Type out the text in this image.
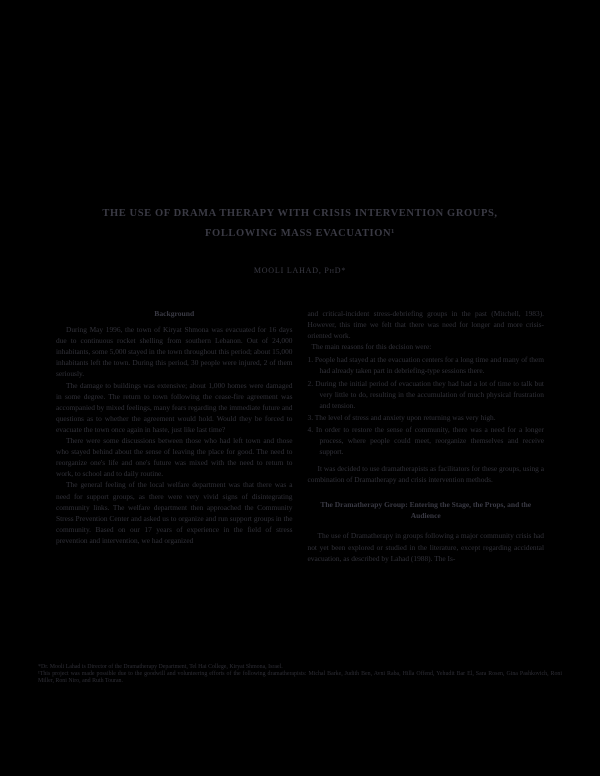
THE USE OF DRAMA THERAPY WITH CRISIS INTERVENTION GROUPS,
FOLLOWING MASS EVACUATION¹
MOOLI LAHAD, PhD*
Background

During May 1996, the town of Kiryat Shmona was evacuated for 16 days due to continuous rocket shelling from southern Lebanon. Out of 24,000 inhabitants, some 5,000 stayed in the town throughout this period; about 15,000 inhabitants left the town. During this period, 30 people were injured, 2 of them seriously.

The damage to buildings was extensive; about 1,000 homes were damaged in some degree. The return to town following the cease-fire agreement was accompanied by mixed feelings, many fears regarding the immediate future and questions as to whether the agreement would hold. Would they be forced to evacuate the town once again in haste, just like last time?

There were some discussions between those who had left town and those who stayed behind about the sense of leaving the place for good. The need to reorganize one's life and one's future was mixed with the need to return to work, to school and to daily routine.

The general feeling of the local welfare department was that there was a need for support groups, as there were very vivid signs of disintegrating community links. The welfare department then approached the Community Stress Prevention Center and asked us to organize and run support groups in the community. Based on our 17 years of experience in the field of stress prevention and intervention, we had organized

and critical-incident stress-debriefing groups in the past (Mitchell, 1983). However, this time we felt that there was need for longer and more crisis-oriented work.

The main reasons for this decision were:

1. People had stayed at the evacuation centers for a long time and many of them had already taken part in debriefing-type sessions there.
2. During the initial period of evacuation they had had a lot of time to talk but very little to do, resulting in the accumulation of much physical frustration and tension.
3. The level of stress and anxiety upon returning was very high.
4. In order to restore the sense of community, there was a need for a longer process, where people could meet, reorganize themselves and receive support.

It was decided to use dramatherapists as facilitators for these groups, using a combination of Dramatherapy and crisis intervention methods.

The Dramatherapy Group: Entering the Stage, the Props, and the Audience

The use of Dramatherapy in groups following a major community crisis had not yet been explored or studied in the literature, except regarding accidental evacuation, as described by Lahad (1988). The Is-

*Dr. Mooli Lahad is Director of the Dramatherapy Department, Tel Hai College, Kiryat Shmona, Israel.

¹This project was made possible due to the goodwill and volunteering efforts of the following dramatherapists: Michal Barke, Judith Ben, Avni Raba, Hilla Offend, Yehudit Bar El, Sara Rosen, Gina Pashkovich, Roni Miller, Roni Niro, and Ruth Touran.
